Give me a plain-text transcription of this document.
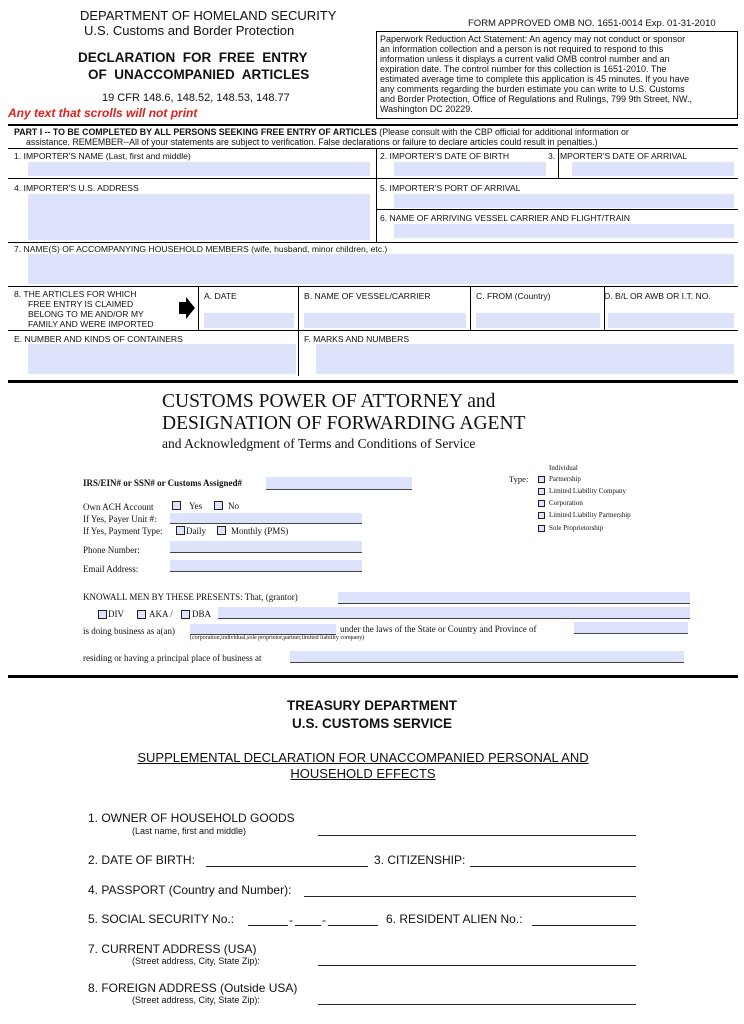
DEPARTMENT OF HOMELAND SECURITY
U.S. Customs and Border Protection
DECLARATION  FOR  FREE  ENTRY
OF  UNACCOMPANIED  ARTICLES
19 CFR 148.6, 148.52, 148.53, 148.77
Any text that scrolls will not print
FORM APPROVED OMB NO. 1651-0014 Exp. 01-31-2010
Paperwork Reduction Act Statement: An agency may not conduct or sponsor
an information collection and a person is not required to respond to this
information unless it displays a current valid OMB control number and an
expiration date. The control number for this collection is 1651-2010. The
estimated average time to complete this application is 45 minutes. If you have
any comments regarding the burden estimate you can write to U.S. Customs
and Border Protection, Office of Regulations and Rulings, 799 9th Street, NW.,
Washington DC 20229.
PART I -- TO BE COMPLETED BY ALL PERSONS SEEKING FREE ENTRY OF ARTICLES (Please consult with the CBP official for additional information or
assistance. REMEMBER--All of your statements are subject to verification. False declarations or failure to declare articles could result in penalties.)
1. IMPORTER'S NAME (Last, first and middle)	2. IMPORTER'S DATE OF BIRTH	3. IMPORTER'S DATE OF ARRIVAL
4. IMPORTER'S U.S. ADDRESS	5. IMPORTER'S PORT OF ARRIVAL
6. NAME OF ARRIVING VESSEL CARRIER AND FLIGHT/TRAIN
7. NAME(S) OF ACCOMPANYING HOUSEHOLD MEMBERS (wife, husband, minor children, etc.)
8. THE ARTICLES FOR WHICH
FREE ENTRY IS CLAIMED
BELONG TO ME AND/OR MY
FAMILY AND WERE IMPORTED
A. DATE	B. NAME OF VESSEL/CARRIER	C. FROM (Country)	D. B/L OR AWB OR I.T. NO.
E. NUMBER AND KINDS OF CONTAINERS	F. MARKS AND NUMBERS
CUSTOMS POWER OF ATTORNEY and
DESIGNATION OF FORWARDING AGENT
and Acknowledgment of Terms and Conditions of Service
IRS/EIN# or SSN# or Customs Assigned#	Type:
Individual
Partnership
Limited Liability Company
Corporation
Limited Liability Partnership
Sole Proprietorship
Own ACH Account	Yes	No
If Yes, Payer Unit #:
If Yes, Payment Type:	Daily	Monthly (PMS)
Phone Number:
Email Address:
KNOWALL MEN BY THESE PRESENTS: That, (grantor)
DIV	AKA / DBA
is doing business as a(an)
(corporation,individual,sole proprietor,partner,limited liability company)
under the laws of the State or Country and Province of
residing or having a principal place of business at
TREASURY DEPARTMENT
U.S. CUSTOMS SERVICE
SUPPLEMENTAL DECLARATION FOR UNACCOMPANIED PERSONAL AND
HOUSEHOLD EFFECTS
1. OWNER OF HOUSEHOLD GOODS
(Last name, first and middle)
2. DATE OF BIRTH:	3. CITIZENSHIP:
4. PASSPORT (Country and Number):
5. SOCIAL SECURITY No.:	- -	6. RESIDENT ALIEN No.:
7. CURRENT ADDRESS (USA)
(Street address, City, State Zip):
8. FOREIGN ADDRESS (Outside USA)
(Street address, City, State Zip):
